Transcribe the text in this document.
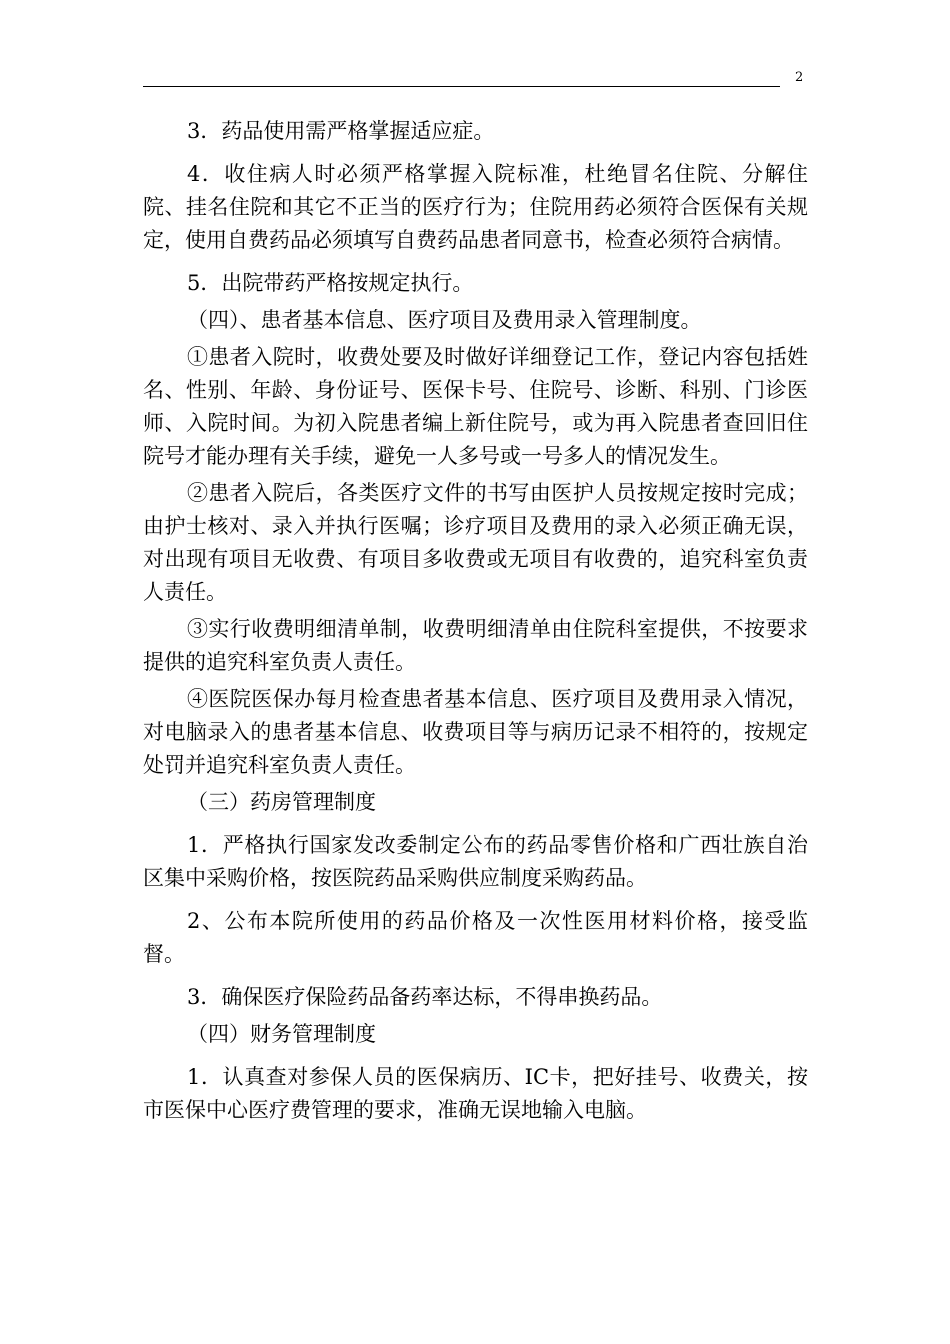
2

3．药品使用需严格掌握适应症。

4．收住病人时必须严格掌握入院标准，杜绝冒名住院、分解住院、挂名住院和其它不正当的医疗行为；住院用药必须符合医保有关规定，使用自费药品必须填写自费药品患者同意书，检查必须符合病情。

5．出院带药严格按规定执行。

（四）、患者基本信息、医疗项目及费用录入管理制度。

①患者入院时，收费处要及时做好详细登记工作，登记内容包括姓名、性别、年龄、身份证号、医保卡号、住院号、诊断、科别、门诊医师、入院时间。为初入院患者编上新住院号，或为再入院患者查回旧住院号才能办理有关手续，避免一人多号或一号多人的情况发生。

②患者入院后，各类医疗文件的书写由医护人员按规定按时完成；由护士核对、录入并执行医嘱；诊疗项目及费用的录入必须正确无误，对出现有项目无收费、有项目多收费或无项目有收费的，追究科室负责人责任。

③实行收费明细清单制，收费明细清单由住院科室提供，不按要求提供的追究科室负责人责任。

④医院医保办每月检查患者基本信息、医疗项目及费用录入情况，对电脑录入的患者基本信息、收费项目等与病历记录不相符的，按规定处罚并追究科室负责人责任。

（三）药房管理制度

1．严格执行国家发改委制定公布的药品零售价格和广西壮族自治区集中采购价格，按医院药品采购供应制度采购药品。

2、公布本院所使用的药品价格及一次性医用材料价格，接受监督。

3．确保医疗保险药品备药率达标，不得串换药品。

（四）财务管理制度

1．认真查对参保人员的医保病历、IC卡，把好挂号、收费关，按市医保中心医疗费管理的要求，准确无误地输入电脑。
